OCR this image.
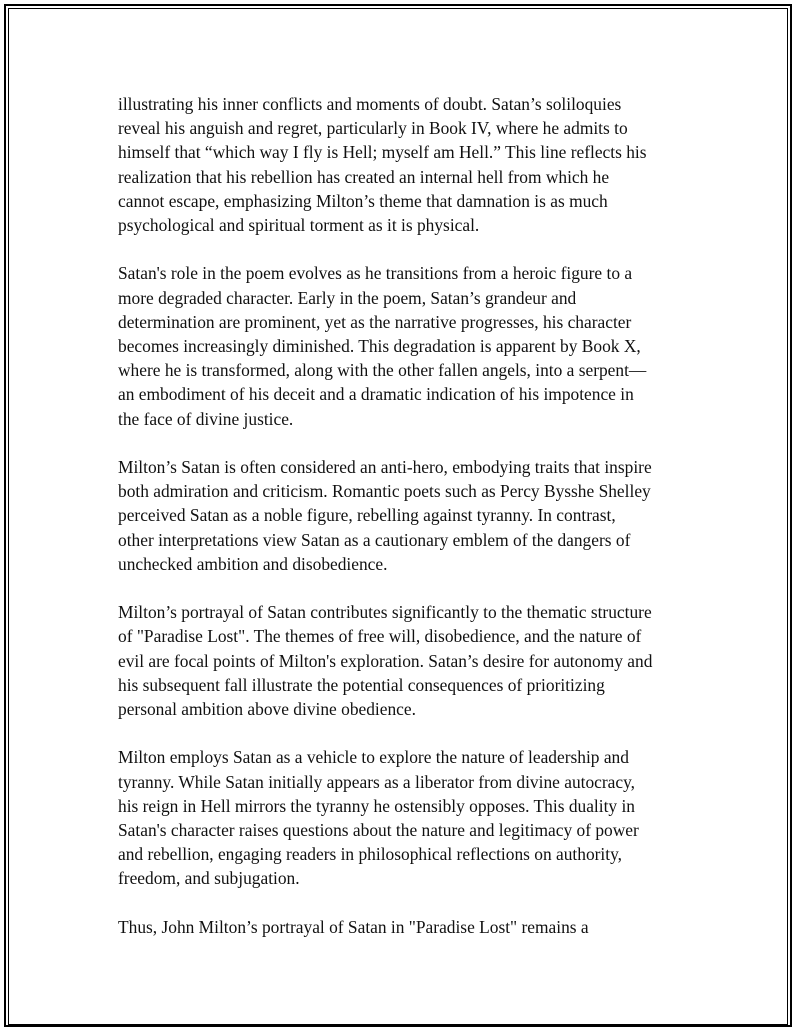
illustrating his inner conflicts and moments of doubt. Satan’s soliloquies
reveal his anguish and regret, particularly in Book IV, where he admits to
himself that “which way I fly is Hell; myself am Hell.” This line reflects his
realization that his rebellion has created an internal hell from which he
cannot escape, emphasizing Milton’s theme that damnation is as much
psychological and spiritual torment as it is physical.

Satan's role in the poem evolves as he transitions from a heroic figure to a
more degraded character. Early in the poem, Satan’s grandeur and
determination are prominent, yet as the narrative progresses, his character
becomes increasingly diminished. This degradation is apparent by Book X,
where he is transformed, along with the other fallen angels, into a serpent—
an embodiment of his deceit and a dramatic indication of his impotence in
the face of divine justice.

Milton’s Satan is often considered an anti-hero, embodying traits that inspire
both admiration and criticism. Romantic poets such as Percy Bysshe Shelley
perceived Satan as a noble figure, rebelling against tyranny. In contrast,
other interpretations view Satan as a cautionary emblem of the dangers of
unchecked ambition and disobedience.

Milton’s portrayal of Satan contributes significantly to the thematic structure
of "Paradise Lost". The themes of free will, disobedience, and the nature of
evil are focal points of Milton's exploration. Satan’s desire for autonomy and
his subsequent fall illustrate the potential consequences of prioritizing
personal ambition above divine obedience.

Milton employs Satan as a vehicle to explore the nature of leadership and
tyranny. While Satan initially appears as a liberator from divine autocracy,
his reign in Hell mirrors the tyranny he ostensibly opposes. This duality in
Satan's character raises questions about the nature and legitimacy of power
and rebellion, engaging readers in philosophical reflections on authority,
freedom, and subjugation.

Thus, John Milton’s portrayal of Satan in "Paradise Lost" remains a
